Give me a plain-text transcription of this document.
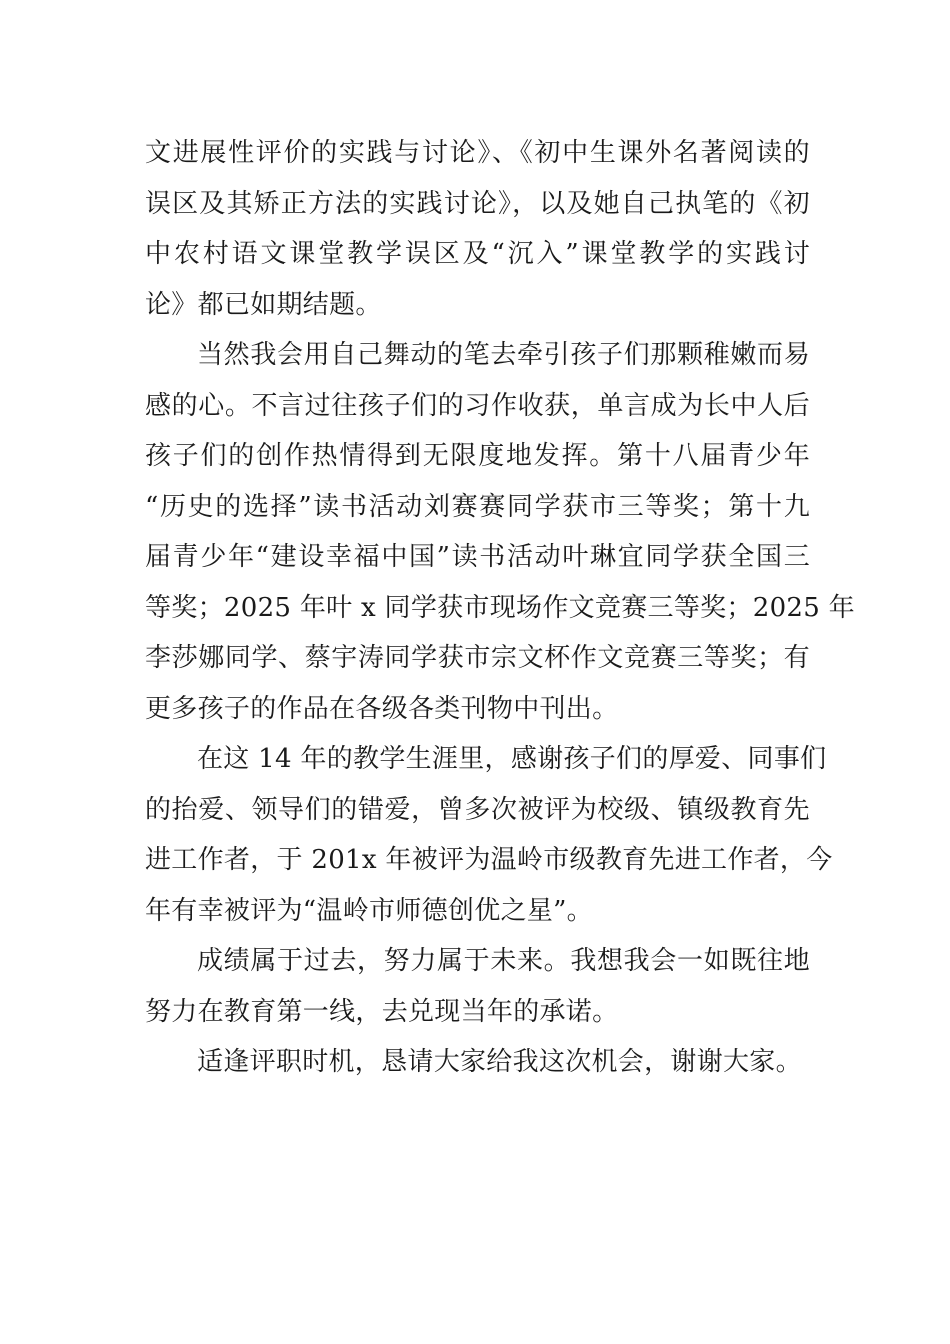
文进展性评价的实践与讨论》、《初中生课外名著阅读的
误区及其矫正方法的实践讨论》，以及她自己执笔的《初
中农村语文课堂教学误区及“沉入”课堂教学的实践讨
论》都已如期结题。
当然我会用自己舞动的笔去牵引孩子们那颗稚嫩而易
感的心。不言过往孩子们的习作收获，单言成为长中人后
孩子们的创作热情得到无限度地发挥。第十八届青少年
“历史的选择”读书活动刘赛赛同学获市三等奖；第十九
届青少年“建设幸福中国”读书活动叶琳宜同学获全国三
等奖；2025 年叶 x 同学获市现场作文竞赛三等奖；2025 年
李莎娜同学、蔡宇涛同学获市宗文杯作文竞赛三等奖；有
更多孩子的作品在各级各类刊物中刊出。
在这 14 年的教学生涯里，感谢孩子们的厚爱、同事们
的抬爱、领导们的错爱，曾多次被评为校级、镇级教育先
进工作者，于 201x 年被评为温岭市级教育先进工作者，今
年有幸被评为“温岭市师德创优之星”。
成绩属于过去，努力属于未来。我想我会一如既往地
努力在教育第一线，去兑现当年的承诺。
适逢评职时机，恳请大家给我这次机会，谢谢大家。
